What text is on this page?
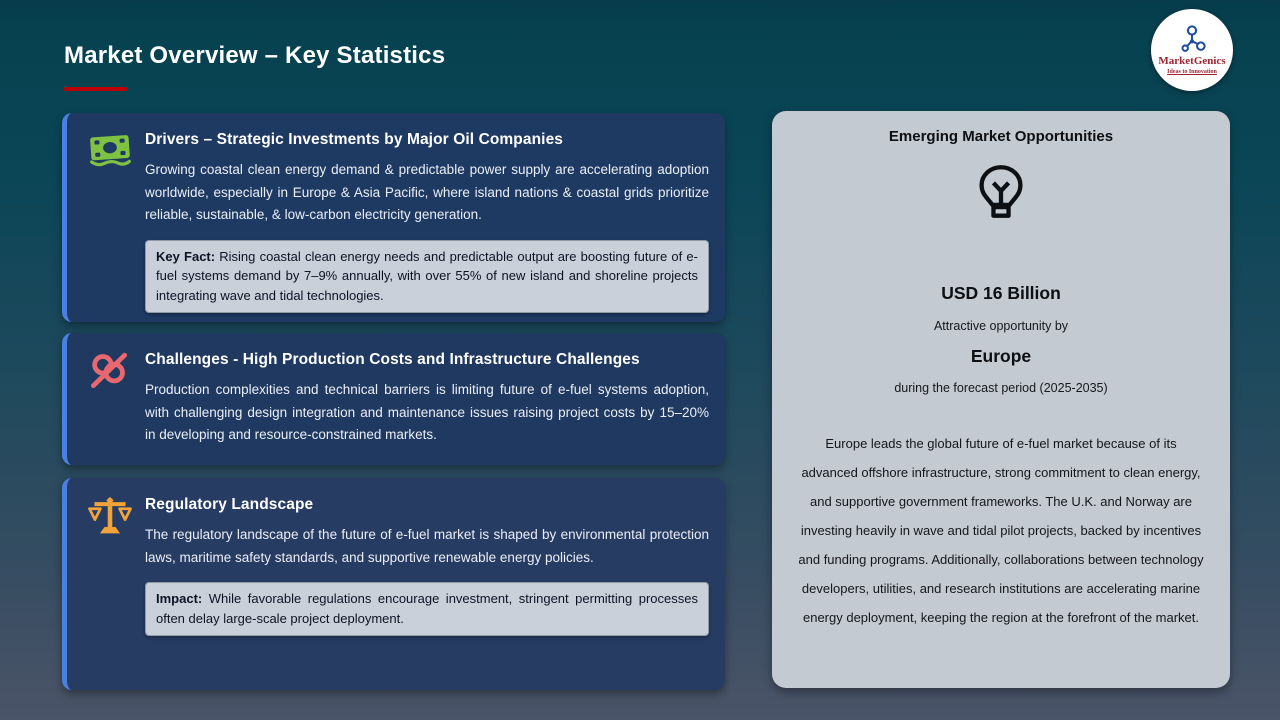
Market Overview – Key Statistics	MarketGenics
Ideas to Innovation
Drivers – Strategic Investments by Major Oil Companies
Growing coastal clean energy demand & predictable power supply are accelerating adoption worldwide, especially in Europe & Asia Pacific, where island nations & coastal grids prioritize reliable, sustainable, & low-carbon electricity generation.
Key Fact: Rising coastal clean energy needs and predictable output are boosting future of e-fuel systems demand by 7–9% annually, with over 55% of new island and shoreline projects integrating wave and tidal technologies.
Challenges - High Production Costs and Infrastructure Challenges
Production complexities and technical barriers is limiting future of e-fuel systems adoption, with challenging design integration and maintenance issues raising project costs by 15–20% in developing and resource-constrained markets.
Regulatory Landscape
The regulatory landscape of the future of e-fuel market is shaped by environmental protection laws, maritime safety standards, and supportive renewable energy policies.
Impact: While favorable regulations encourage investment, stringent permitting processes often delay large-scale project deployment.
Emerging Market Opportunities
USD 16 Billion
Attractive opportunity by
Europe
during the forecast period (2025-2035)
Europe leads the global future of e-fuel market because of its advanced offshore infrastructure, strong commitment to clean energy, and supportive government frameworks. The U.K. and Norway are investing heavily in wave and tidal pilot projects, backed by incentives and funding programs. Additionally, collaborations between technology developers, utilities, and research institutions are accelerating marine energy deployment, keeping the region at the forefront of the market.
